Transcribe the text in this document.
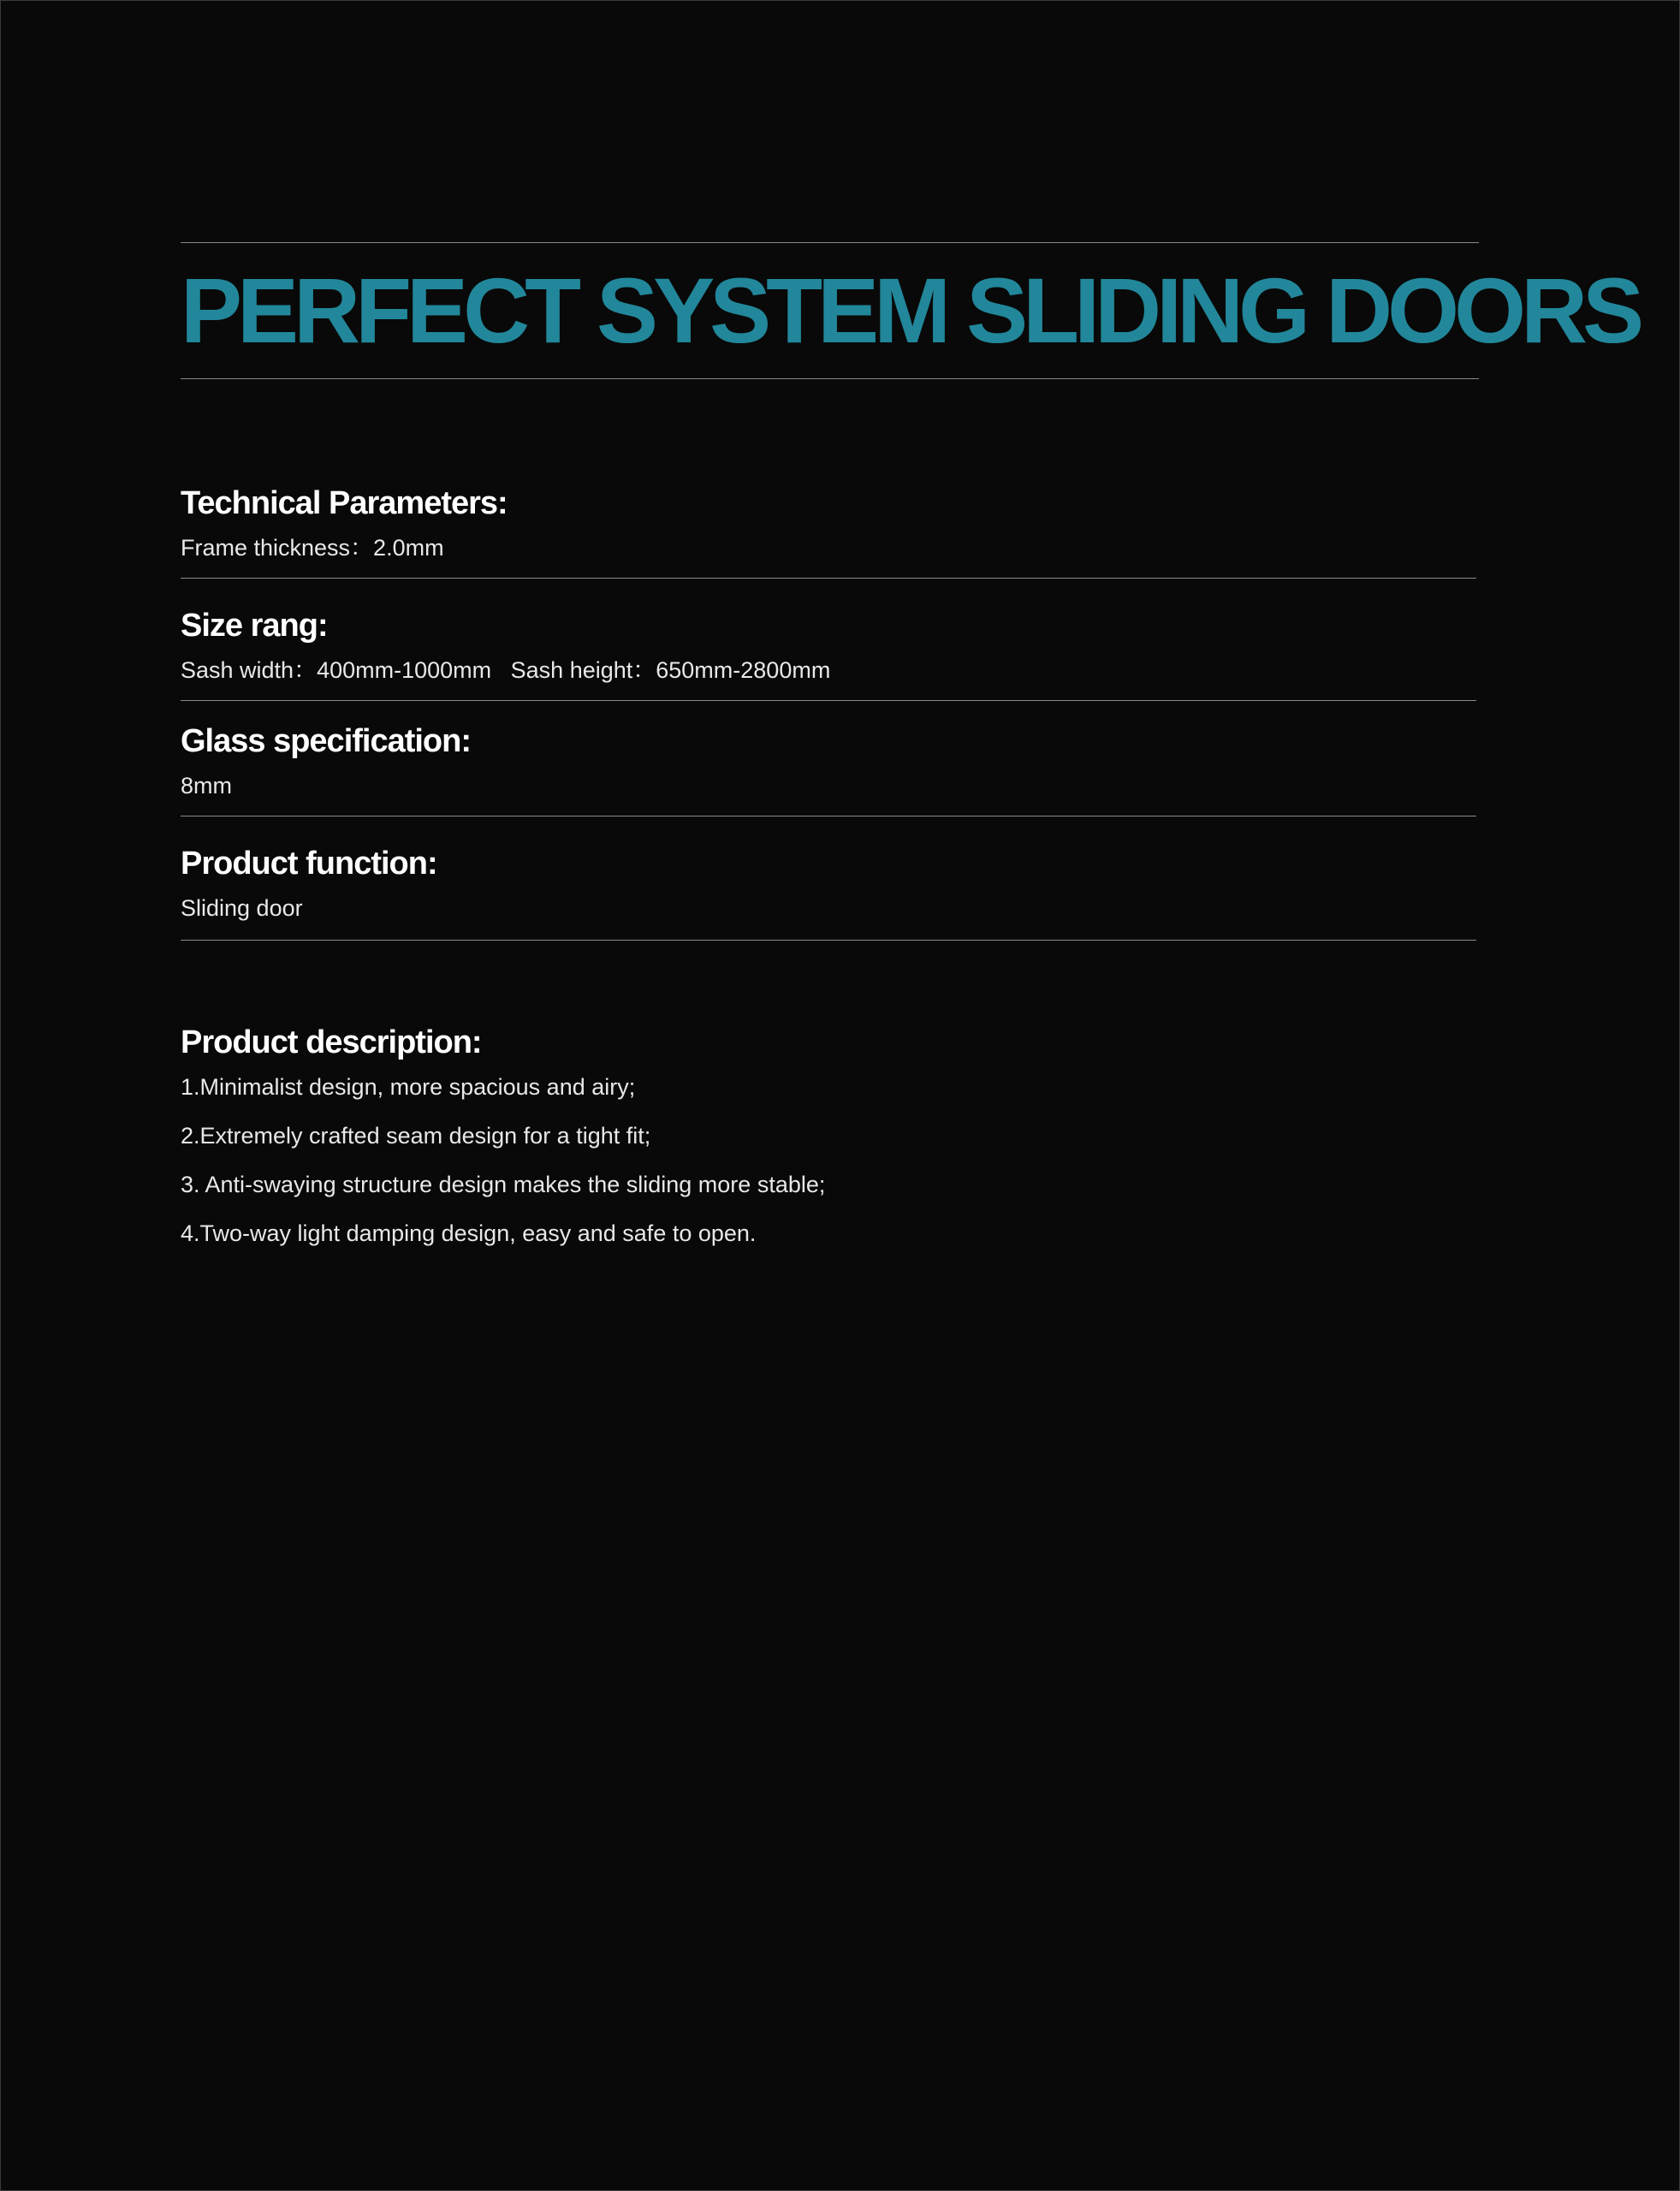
PERFECT SYSTEM SLIDING DOORS
Technical Parameters:

Frame thickness：2.0mm

Size rang:

Sash width：400mm-1000mm   Sash height：650mm-2800mm

Glass specification:

8mm

Product function:

Sliding door

Product description:
1.Minimalist design, more spacious and airy;
2.Extremely crafted seam design for a tight fit;
3. Anti-swaying structure design makes the sliding more stable;
4.Two-way light damping design, easy and safe to open.
